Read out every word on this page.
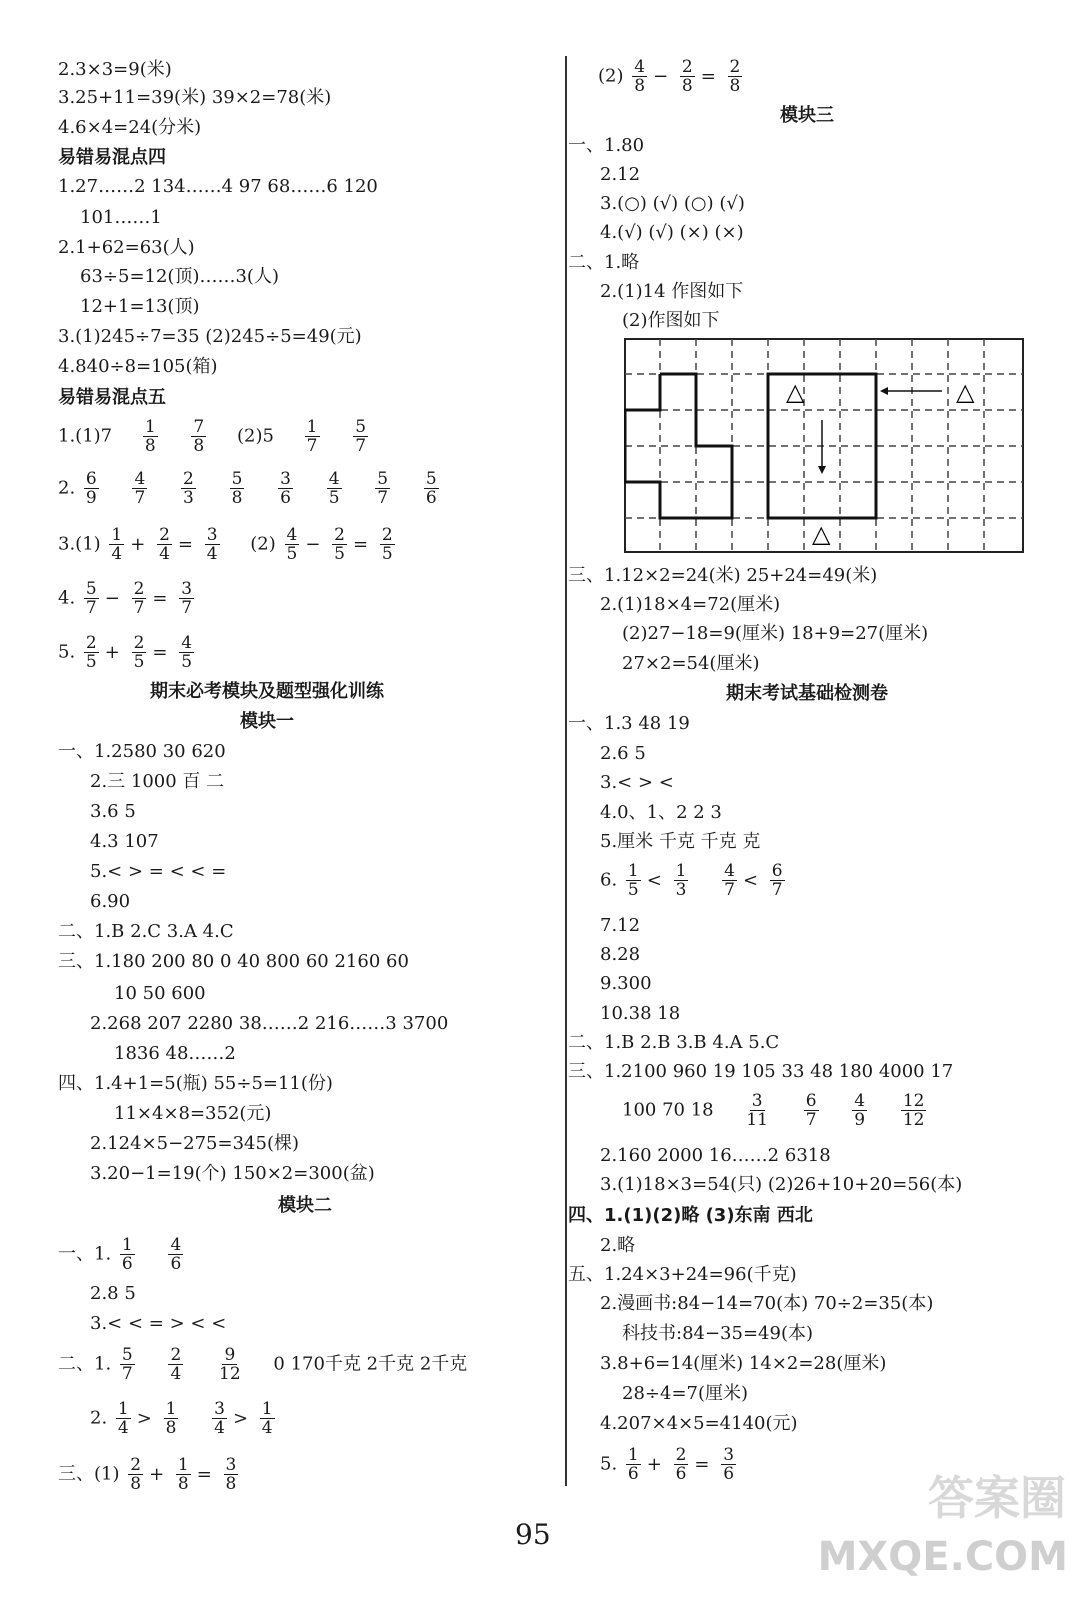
2.3×3=9(米)
3.25+11=39(米) 39×2=78(米)
4.6×4=24(分米)
易错易混点四
1.27……2 134……4 97 68……6 120
101……1
2.1+62=63(人)
63÷5=12(顶)……3(人)
12+1=13(顶)
3.(1)245÷7=35 (2)245÷5=49(元)
4.840÷8=105(箱)
易错易混点五
$1.(1)7 \frac{1}{8}$
$\frac{7}{8} (2)5 \frac{1}{7}$
$\frac{5}{7}$
2. $\frac{6}{9}$
$\frac{4}{7}$
$\frac{2}{3}$
$\frac{5}{8}$
$\frac{3}{6}$
$\frac{4}{5}$
$\frac{5}{7}$
$\frac{5}{6}$
$3.(1) \frac{1}{4} + \frac{2}{4} = \frac{3}{4} (2) \frac{4}{5} - \frac{2}{5} = \frac{2}{5}$
4. $\frac{5}{7} - \frac{2}{7} = \frac{3}{7}$
5. $\frac{2}{5} + \frac{2}{5} = \frac{4}{5}$
期末必考模块及题型强化训练
模块一
一、1.2580 30 620
2.三 1000 百 二
3.6 5
4.3 107
5.< > = < < =
6.90
二、1.B 2.C 3.A 4.C
三、1.180 200 80 0 40 800 60 2160 60
10 50 600
2.268 207 2280 38……2 216……3 3700
1836 48……2
四、1.4+1=5(瓶) 55÷5=11(份)
11×4×8=352(元)
2.124×5−275=345(棵)
3.20−1=19(个) 150×2=300(盆)
模块二
一、1. $\frac{1}{6}$
$\frac{4}{6}$
2.8 5
3.< < = > < <
二、1. $\frac{5}{7}$
$\frac{2}{4}$
$\frac{9}{12} 0$ 170千克 2千克 2千克
2. $\frac{1}{4} > \frac{1}{8}$
$\frac{3}{4} > \frac{1}{4}$
三、$(1) \frac{2}{8} + \frac{1}{8} = \frac{3}{8}$
$(2) \frac{4}{8} - \frac{2}{8} = \frac{2}{8}$
模块三
一、1.80
2.12
3.(○) (√) (○) (√)
4.(√) (√) (×) (×)
二、1.略
2.(1)14 作图如下
(2)作图如下
△	△
△
三、1.12×2=24(米) 25+24=49(米)
2.(1)18×4=72(厘米)
(2)27−18=9(厘米) 18+9=27(厘米)
27×2=54(厘米)
期末考试基础检测卷
一、1.3 48 19
2.6 5
3.< > <
4.0、1、2 2 3
5.厘米 千克 千克 克
6. $\frac{1}{5} < \frac{1}{3}$
$\frac{4}{7} < \frac{6}{7}$
7.12
8.28
9.300
10.38 18
二、1.B 2.B 3.B 4.A 5.C
三、1.2100 960 19 105 33 48 180 4000 17
100 70 $18 \frac{3}{11}$
$\frac{6}{7}$
$\frac{4}{9}$
$\frac{12}{12}$
2.160 2000 16……2 6318
3.(1)18×3=54(只) (2)26+10+20=56(本)
四、1.(1)(2)略 (3)东南 西北
2.略
五、1.24×3+24=96(千克)
2.漫画书:84−14=70(本) 70÷2=35(本)
科技书:84−35=49(本)
3.8+6=14(厘米) 14×2=28(厘米)
28÷4=7(厘米)
4.207×4×5=4140(元)
5. $\frac{1}{6} + \frac{2}{6} = \frac{3}{6}$
95
答案圈
MXQE.COM
